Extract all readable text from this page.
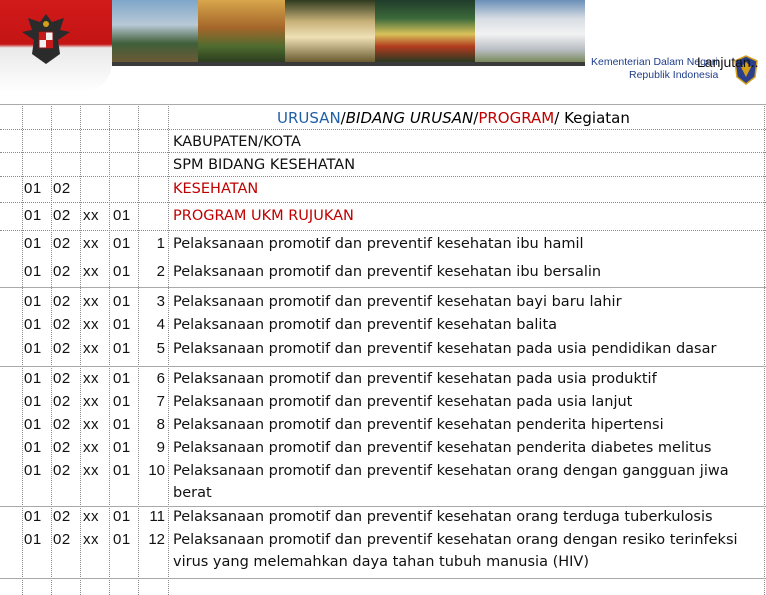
Kementerian Dalam Negeri
Republik Indonesia
Lanjutan..
URUSAN/BIDANG URUSAN/PROGRAM/ Kegiatan
KABUPATEN/KOTA
SPM BIDANG KESEHATAN
01 02	KESEHATAN
01 02 xx 01	PROGRAM UKM RUJUKAN
01 02 xx 01	1 Pelaksanaan promotif dan preventif kesehatan ibu hamil
01 02 xx 01	2 Pelaksanaan promotif dan preventif kesehatan ibu bersalin
01 02 xx 01	3 Pelaksanaan promotif dan preventif kesehatan bayi baru lahir
01 02 xx 01	4 Pelaksanaan promotif dan preventif kesehatan balita
01 02 xx 01	5 Pelaksanaan promotif dan preventif kesehatan pada usia pendidikan dasar
01 02 xx 01	6 Pelaksanaan promotif dan preventif kesehatan pada usia produktif
01 02 xx 01	7 Pelaksanaan promotif dan preventif kesehatan pada usia lanjut
01 02 xx 01	8 Pelaksanaan promotif dan preventif kesehatan penderita hipertensi
01 02 xx 01	9 Pelaksanaan promotif dan preventif kesehatan penderita diabetes melitus
01 02 xx 01	10 Pelaksanaan promotif dan preventif kesehatan orang dengan gangguan jiwa berat
01 02 xx 01	11 Pelaksanaan promotif dan preventif kesehatan orang terduga tuberkulosis
01 02 xx 01	12 Pelaksanaan promotif dan preventif kesehatan orang dengan resiko terinfeksi virus yang melemahkan daya tahan tubuh manusia (HIV)
